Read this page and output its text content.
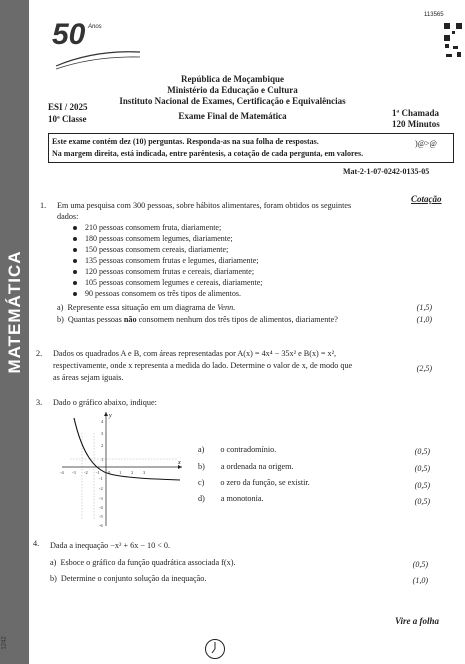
MATEMÁTICA
1242
50 Anos
113565
República de Moçambique
Ministério da Educação e Cultura
Instituto Nacional de Exames, Certificação e Equivalências
ESI / 2025
10ª Classe	Exame Final de Matemática	1ª Chamada
120 Minutos
Este exame contém dez (10) perguntas. Responda-as na sua folha de respostas.
Na margem direita, está indicada, entre parêntesis, a cotação de cada pergunta, em valores.
)@>@
Mat-2-1-07-0242-0135-05
Cotação
1. Em uma pesquisa com 300 pessoas, sobre hábitos alimentares, foram obtidos os seguintes
dados:
210 pessoas consomem fruta, diariamente;
180 pessoas consomem legumes, diariamente;
150 pessoas consomem cereais, diariamente;
135 pessoas consomem frutas e legumes, diariamente;
120 pessoas consomem frutas e cereais, diariamente;
105 pessoas consomem legumes e cereais, diariamente;
90 pessoas consomem os três tipos de alimentos.
a) Represente essa situação em um diagrama de Venn.	(1,5)
b) Quantas pessoas não consomem nenhum dos três tipos de alimentos, diariamente?	(1,0)
2. Dados os quadrados A e B, com áreas representadas por A(x) = 4x⁴ − 35x² e B(x) = x²,
respectivamente, onde x representa a medida do lado. Determine o valor de x, de modo que
as áreas sejam iguais.
(2,5)
3. Dado o gráfico abaixo, indique:
x
y
-4 -3 -2 -1 0 1 2 3
4
3
2
1
-1
-2
-3
-4
-5
-6
a) o contradomínio.	(0,5)
b) a ordenada na origem.	(0,5)
c) o zero da função, se existir.	(0,5)
d) a monotonia.	(0,5)
4. Dada a inequação −x² + 6x − 10 < 0.
a) Esboce o gráfico da função quadrática associada f(x).	(0,5)
b) Determine o conjunto solução da inequação.	(1,0)
Vire a folha
